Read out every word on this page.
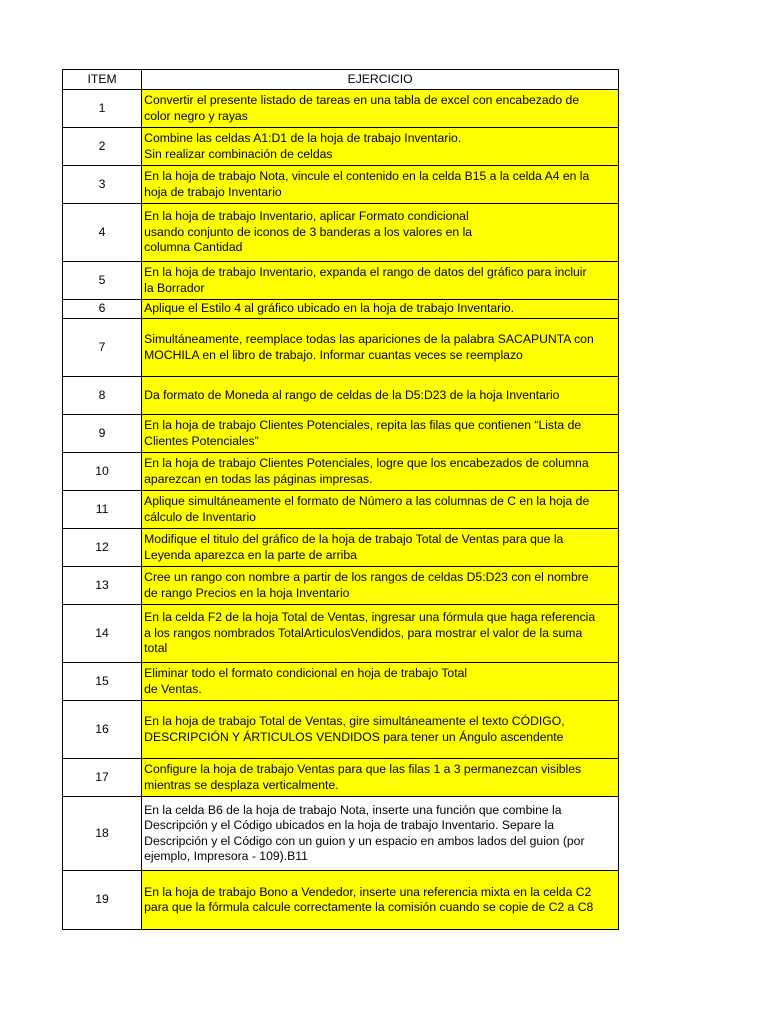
ITEM	EJERCICIO
1	Convertir el presente listado de tareas en una tabla de excel con encabezado de
color negro y rayas
2	Combine las celdas A1:D1 de la hoja de trabajo Inventario.
Sin realizar combinación de celdas
3	En la hoja de trabajo Nota, vincule el contenido en la celda B15 a la celda A4 en la
hoja de trabajo Inventario
4	En la hoja de trabajo Inventario, aplicar Formato condicional
usando conjunto de iconos de 3 banderas a los valores en la
columna Cantidad
5	En la hoja de trabajo Inventario, expanda el rango de datos del gráfico para incluir
la Borrador
6	Aplique el Estilo 4 al gráfico ubicado en la hoja de trabajo Inventario.
7	Simultáneamente, reemplace todas las apariciones de la palabra SACAPUNTA con
MOCHILA en el libro de trabajo. Informar cuantas veces se reemplazo
8	Da formato de Moneda al rango de celdas de la D5:D23 de la hoja Inventario
9	En la hoja de trabajo Clientes Potenciales, repita las filas que contienen “Lista de
Clientes Potenciales”
10	En la hoja de trabajo Clientes Potenciales, logre que los encabezados de columna
aparezcan en todas las páginas impresas.
11	Aplique simultáneamente el formato de Número a las columnas de C en la hoja de
cálculo de Inventario
12	Modifique el titulo del gráfico de la hoja de trabajo Total de Ventas para que la
Leyenda aparezca en la parte de arriba
13	Cree un rango con nombre a partir de los rangos de celdas D5:D23 con el nombre
de rango Precios en la hoja Inventario
14	En la celda F2 de la hoja Total de Ventas, ingresar una fórmula que haga referencia
a los rangos nombrados TotalArticulosVendidos, para mostrar el valor de la suma
total
15	Eliminar todo el formato condicional en hoja de trabajo Total
de Ventas.
16	En la hoja de trabajo Total de Ventas, gire simultáneamente el texto CÓDIGO,
DESCRIPCIÓN Y ÁRTICULOS VENDIDOS para tener un Ángulo ascendente
17	Configure la hoja de trabajo Ventas para que las filas 1 a 3 permanezcan visibles
mientras se desplaza verticalmente.
18	En la celda B6 de la hoja de trabajo Nota, inserte una función que combine la
Descripción y el Código ubicados en la hoja de trabajo Inventario. Separe la
Descripción y el Código con un guion y un espacio en ambos lados del guion (por
ejemplo, Impresora - 109).B11
19	En la hoja de trabajo Bono a Vendedor, inserte una referencia mixta en la celda C2
para que la fórmula calcule correctamente la comisión cuando se copie de C2 a C8
